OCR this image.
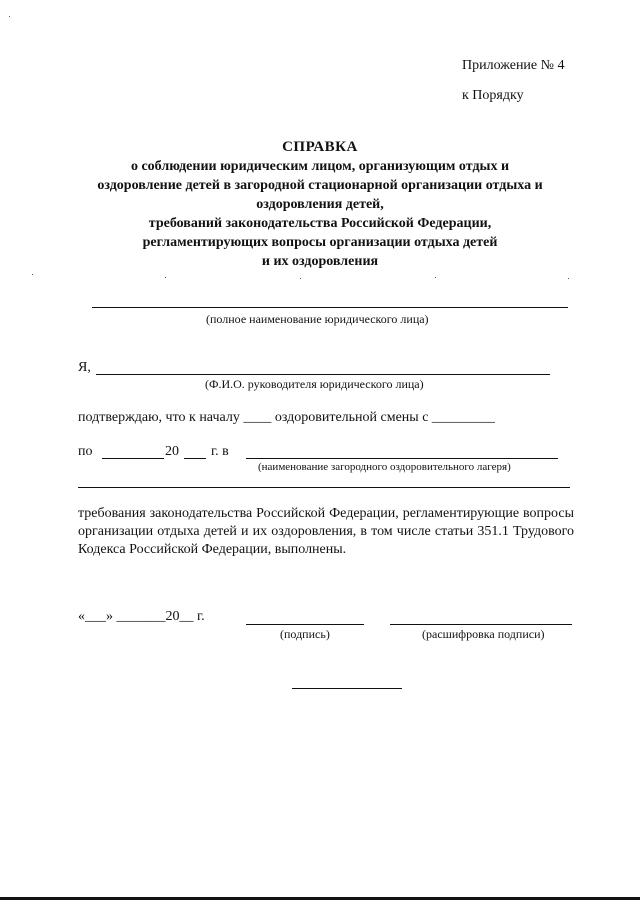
Приложение № 4
к Порядку
СПРАВКА
о соблюдении юридическим лицом, организующим отдых и
оздоровление детей в загородной стационарной организации отдыха и
оздоровления детей,
требований законодательства Российской Федерации,
регламентирующих вопросы организации отдыха детей
и их оздоровления
(полное наименование юридического лица)
Я,
(Ф.И.О. руководителя юридического лица)
подтверждаю, что к началу ____ оздоровительной смены с _________
по	20 г. в
(наименование загородного оздоровительного лагеря)
требования законодательства Российской Федерации, регламентирующие вопросы организации отдыха детей и их оздоровления, в том числе статьи 351.1 Трудового Кодекса Российской Федерации, выполнены.
«___» _______20__ г.
(подпись)	(расшифровка подписи)
